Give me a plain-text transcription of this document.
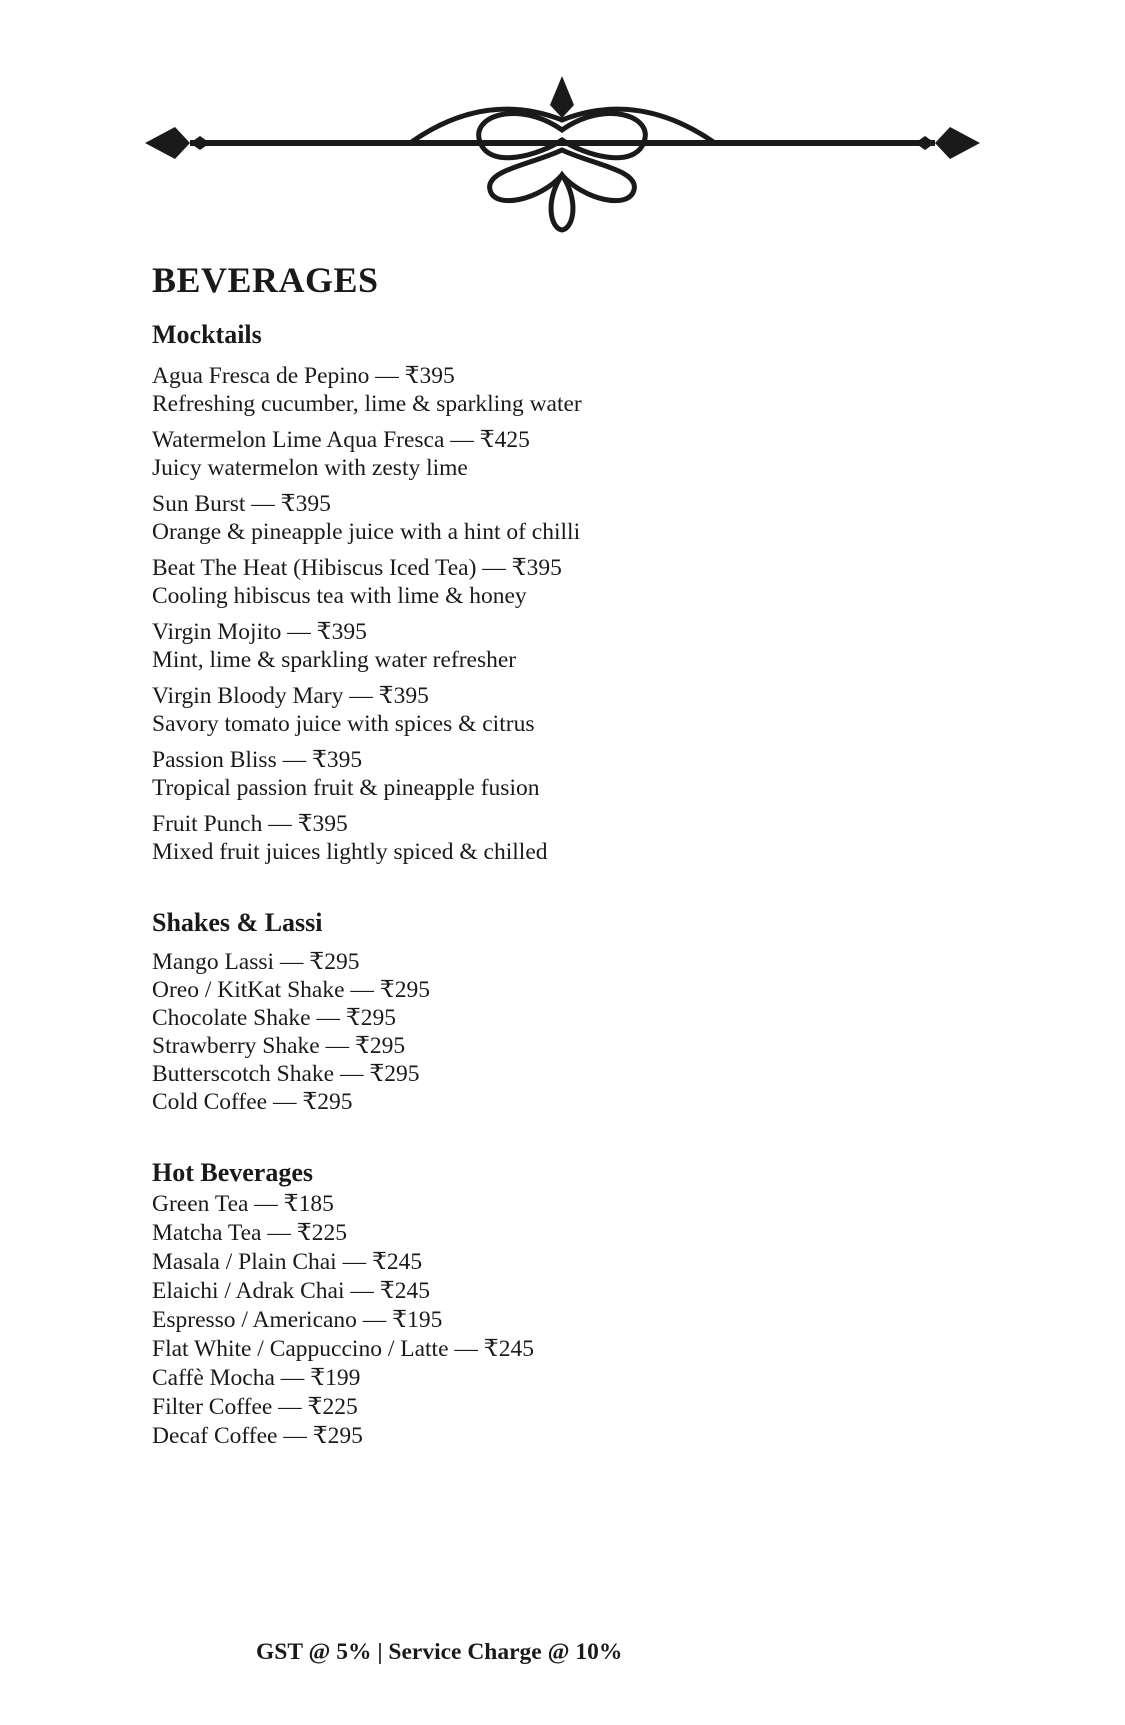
BEVERAGES
Mocktails
Agua Fresca de Pepino — ₹395
Refreshing cucumber, lime & sparkling water
Watermelon Lime Aqua Fresca — ₹425
Juicy watermelon with zesty lime
Sun Burst — ₹395
Orange & pineapple juice with a hint of chilli
Beat The Heat (Hibiscus Iced Tea) — ₹395
Cooling hibiscus tea with lime & honey
Virgin Mojito — ₹395
Mint, lime & sparkling water refresher
Virgin Bloody Mary — ₹395
Savory tomato juice with spices & citrus
Passion Bliss — ₹395
Tropical passion fruit & pineapple fusion
Fruit Punch — ₹395
Mixed fruit juices lightly spiced & chilled
Shakes & Lassi
Mango Lassi — ₹295
Oreo / KitKat Shake — ₹295
Chocolate Shake — ₹295
Strawberry Shake — ₹295
Butterscotch Shake — ₹295
Cold Coffee — ₹295
Hot Beverages
Green Tea — ₹185
Matcha Tea — ₹225
Masala / Plain Chai — ₹245
Elaichi / Adrak Chai — ₹245
Espresso / Americano — ₹195
Flat White / Cappuccino / Latte — ₹245
Caffè Mocha — ₹199
Filter Coffee — ₹225
Decaf Coffee — ₹295
GST @ 5% | Service Charge @ 10%
